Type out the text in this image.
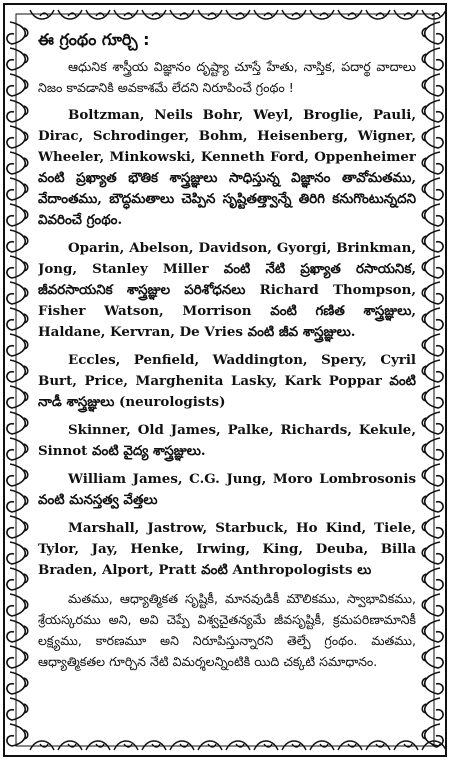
ఈ గ్రంథం గూర్చి :

ఆధునిక శాస్త్రీయ విజ్ఞానం దృష్ట్యా చూస్తే హేతు, నాస్తిక, పదార్థ వాదాలు నిజం కావడానికి అవకాశమే లేదని నిరూపించే గ్రంథం !

Boltzman, Neils Bohr, Weyl, Broglie, Pauli, Dirac, Schrodinger, Bohm, Heisenberg, Wigner, Wheeler, Minkowski, Kenneth Ford, Oppenheimer వంటి ప్రఖ్యాత భౌతిక శాస్త్రజ్ఞులు సాధిస్తున్న విజ్ఞానం తావోమతము, వేదాంతము, బౌద్ధమతాలు చెప్పిన సృష్టితత్త్వాన్నే తిరిగి కనుగొంటున్నదని వివరించే గ్రంథం.

Oparin, Abelson, Davidson, Gyorgi, Brinkman, Jong, Stanley Miller వంటి నేటి ప్రఖ్యాత రసాయనిక, జీవరసాయనిక శాస్త్రజ్ఞుల పరిశోధనలు Richard Thompson, Fisher Watson, Morrison వంటి గణిత శాస్త్రజ్ఞులు, Haldane, Kervran, De Vries వంటి జీవ శాస్త్రజ్ఞులు.

Eccles, Penfield, Waddington, Spery, Cyril Burt, Price, Marghenita Lasky, Kark Poppar వంటి నాడీ శాస్త్రజ్ఞులు (neurologists)

Skinner, Old James, Palke, Richards, Kekule, Sinnot వంటి వైద్య శాస్త్రజ్ఞులు.

William James, C.G. Jung, Moro Lombrosonis వంటి మనస్తత్వ వేత్తలు

Marshall, Jastrow, Starbuck, Ho Kind, Tiele, Tylor, Jay, Henke, Irwing, King, Deuba, Billa Braden, Alport, Pratt వంటి Anthropologists లు

మతము, ఆధ్యాత్మికత సృష్టికీ, మానవుడికీ మౌలికము, స్వాభావికము, శ్రేయస్కరము అని, అవి చెప్పే విశ్వచైతన్యమే జీవసృష్టికీ, క్రమపరిణామానికీ లక్ష్యము, కారణమూ అని నిరూపిస్తున్నారని తెల్పే గ్రంథం. మతము, ఆధ్యాత్మికతల గూర్చిన నేటి విమర్శలన్నింటికి యిది చక్కటి సమాధానం.
